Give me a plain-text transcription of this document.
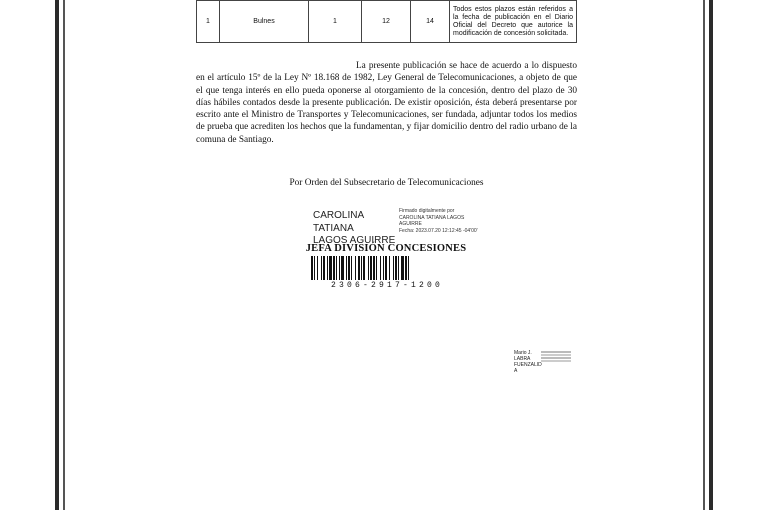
1	Bulnes	1	12	14	Todos estos plazos están referidos a la fecha de publicación en el Diario Oficial del Decreto que autorice la modificación de concesión solicitada.
La presente publicación se hace de acuerdo a lo dispuesto en el artículo 15º de la Ley Nº 18.168 de 1982, Ley General de Telecomunicaciones, a objeto de que el que tenga interés en ello pueda oponerse al otorgamiento de la concesión, dentro del plazo de 30 días hábiles contados desde la presente publicación. De existir oposición, ésta deberá presentarse por escrito ante el Ministro de Transportes y Telecomunicaciones, ser fundada, adjuntar todos los medios de prueba que acrediten los hechos que la fundamentan, y fijar domicilio dentro del radio urbano de la comuna de Santiago.
Por Orden del Subsecretario de Telecomunicaciones
CAROLINA TATIANA
LAGOS AGUIRRE
Firmado digitalmente por
CAROLINA TATIANA LAGOS
AGUIRRE
Fecha: 2023.07.20 12:12:45 -04'00'
JEFA DIVISIÓN CONCESIONES
2306-2917-1200
Mario J.
LABRA
FUENZALID
A
